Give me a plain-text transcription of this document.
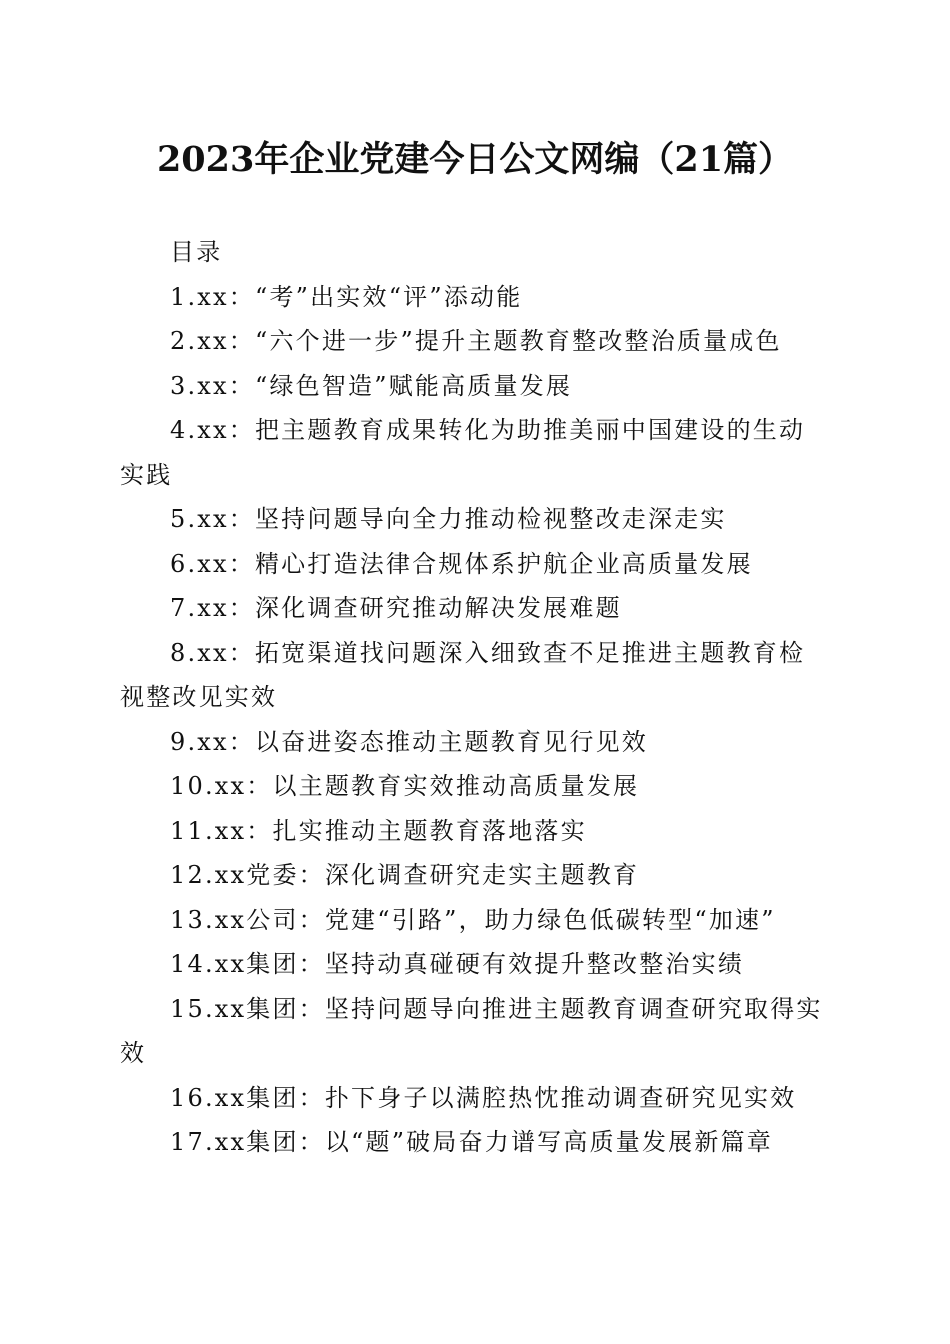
2023年企业党建今日公文网编（21篇）
目录
1.xx：“考”出实效“评”添动能
2.xx：“六个进一步”提升主题教育整改整治质量成色
3.xx：“绿色智造”赋能高质量发展
4.xx：把主题教育成果转化为助推美丽中国建设的生动实践
5.xx：坚持问题导向全力推动检视整改走深走实
6.xx：精心打造法律合规体系护航企业高质量发展
7.xx：深化调查研究推动解决发展难题
8.xx：拓宽渠道找问题深入细致查不足推进主题教育检视整改见实效
9.xx：以奋进姿态推动主题教育见行见效
10.xx：以主题教育实效推动高质量发展
11.xx：扎实推动主题教育落地落实
12.xx党委：深化调查研究走实主题教育
13.xx公司：党建“引路”，助力绿色低碳转型“加速”
14.xx集团：坚持动真碰硬有效提升整改整治实绩
15.xx集团：坚持问题导向推进主题教育调查研究取得实效
16.xx集团：扑下身子以满腔热忱推动调查研究见实效
17.xx集团：以“题”破局奋力谱写高质量发展新篇章
